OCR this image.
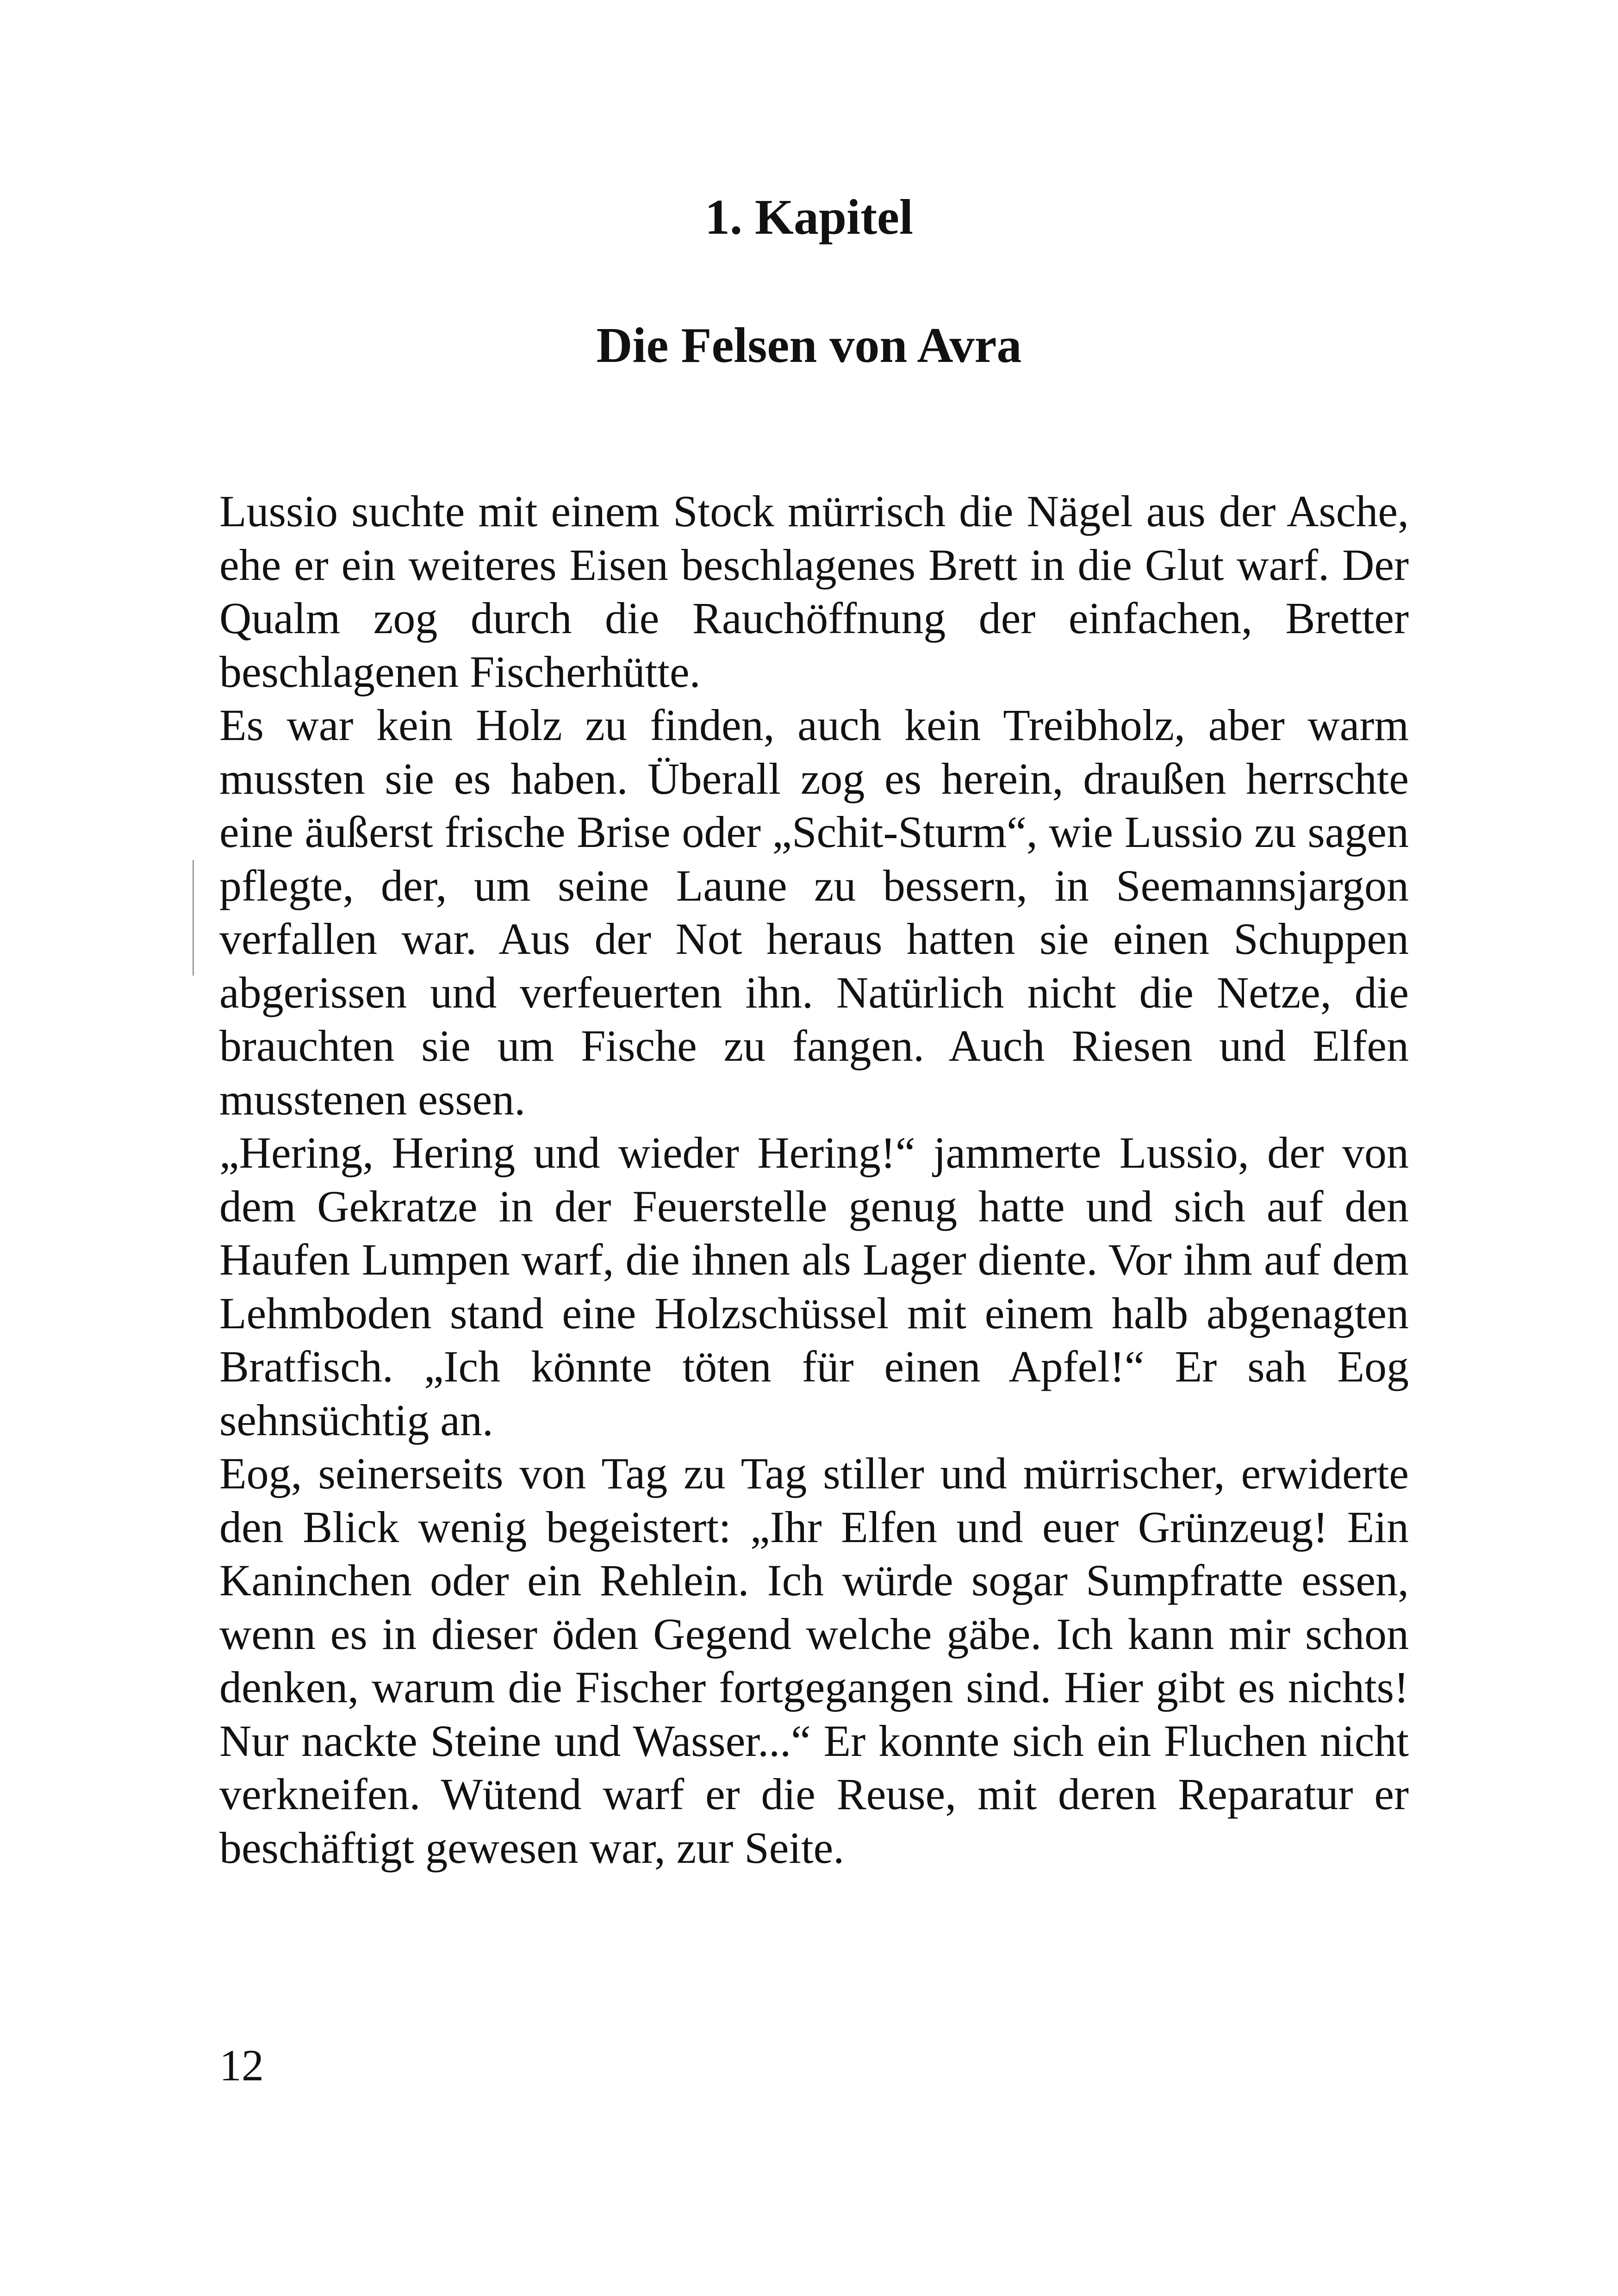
1. Kapitel
Die Felsen von Avra

Lussio suchte mit einem Stock mürrisch die Nägel aus der Asche, ehe er ein weiteres Eisen beschlagenes Brett in die Glut warf. Der Qualm zog durch die Rauchöffnung der einfachen, Bretter beschlagenen Fischerhütte.

Es war kein Holz zu finden, auch kein Treibholz, aber warm mussten sie es haben. Überall zog es herein, draußen herrschte eine äußerst frische Brise oder „Schit-Sturm“, wie Lussio zu sagen pflegte, der, um seine Laune zu bessern, in Seemannsjargon verfallen war. Aus der Not heraus hatten sie einen Schuppen abgerissen und verfeuerten ihn. Natürlich nicht die Netze, die brauchten sie um Fische zu fangen. Auch Riesen und Elfen musstenen essen.

„Hering, Hering und wieder Hering!“ jammerte Lussio, der von dem Gekratze in der Feuerstelle genug hatte und sich auf den Haufen Lumpen warf, die ihnen als Lager diente. Vor ihm auf dem Lehmboden stand eine Holzschüssel mit einem halb abgenagten Bratfisch. „Ich könnte töten für einen Apfel!“ Er sah Eog sehnsüchtig an.

Eog, seinerseits von Tag zu Tag stiller und mürrischer, erwiderte den Blick wenig begeistert: „Ihr Elfen und euer Grünzeug! Ein Kaninchen oder ein Rehlein. Ich würde sogar Sumpfratte essen, wenn es in dieser öden Gegend welche gäbe. Ich kann mir schon denken, warum die Fischer fortgegangen sind. Hier gibt es nichts! Nur nackte Steine und Wasser...“ Er konnte sich ein Fluchen nicht verkneifen. Wütend warf er die Reuse, mit deren Reparatur er beschäftigt gewesen war, zur Seite.

12
